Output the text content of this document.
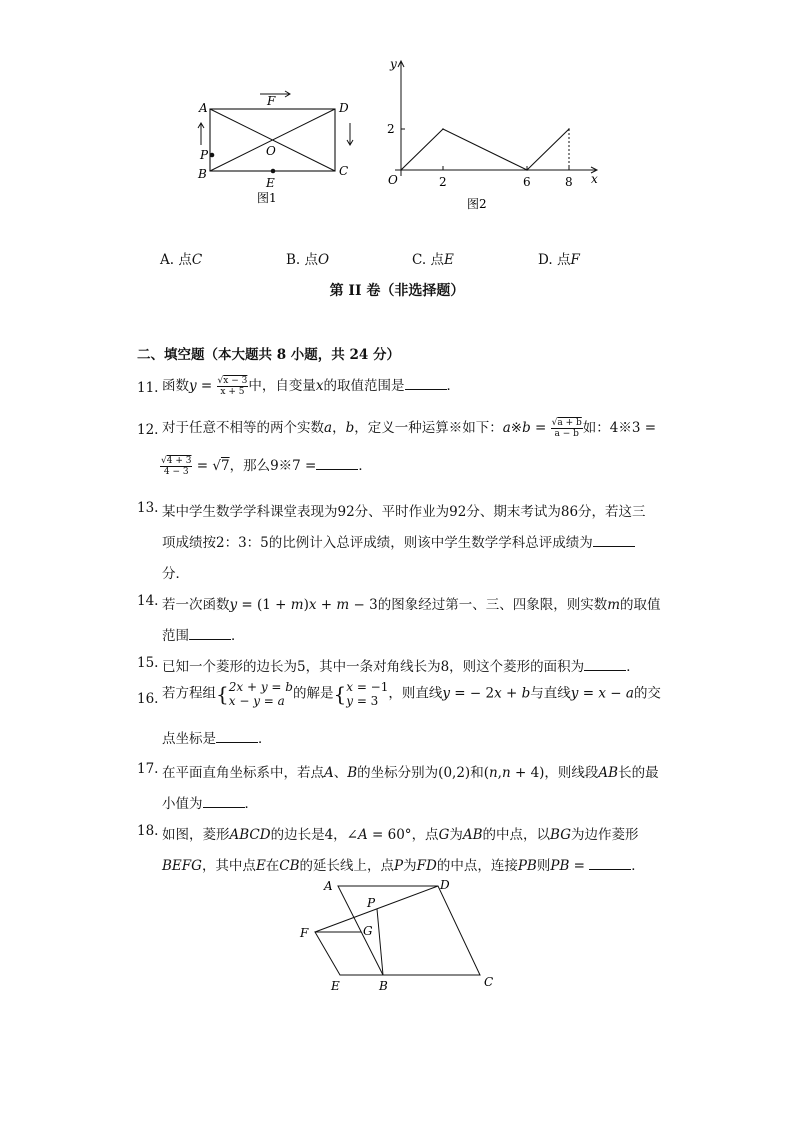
A	D
C
B
O
F
P
E
图1
2	6	8
2
O	x
y
图2
A. 点C	B. 点O	C. 点E	D. 点F
第 II 卷（非选择题）
二、填空题（本大题共 8 小题，共 24 分）
11. 函数$y = \frac{√x - 3}{x + 5}$ 中，自变量x的取值范围是	．
12. 对于任意不相等的两个实数a，b，定义一种运算※如下：a※b = $\frac{√a + b}{a - b}$ 如：4※3 =
$\frac{√4 + 3}{4 - 3} = √7$，那么9※7 =	．
13. 某中学生数学学科课堂表现为92分、平时作业为92分、期末考试为86分，若这三
项成绩按2：3：5的比例计入总评成绩，则该中学生数学学科总评成绩为
分．
14. 若一次函数y = (1 + m)x + m − 3的图象经过第一、三、四象限，则实数m的取值
范围	．
15. 已知一个菱形的边长为5，其中一条对角线长为8，则这个菱形的面积为	．
16. 若方程组{2x + y = b
x − y = a 的解是{x = −1
y = 3 ，则直线y = − 2x + b与直线y = x − a的交
点坐标是	．
17. 在平面直角坐标系中，若点A、B的坐标分别为(0,2)和(n,n + 4)，则线段AB长的最
小值为	．
18. 如图，菱形ABCD的边长是4，∠A = 60°，点G为AB的中点，以BG为边作菱形
BEFG，其中点E在CB的延长线上，点P为FD的中点，连接PB则PB =	．
A	D
P
F	G
E	B	C
